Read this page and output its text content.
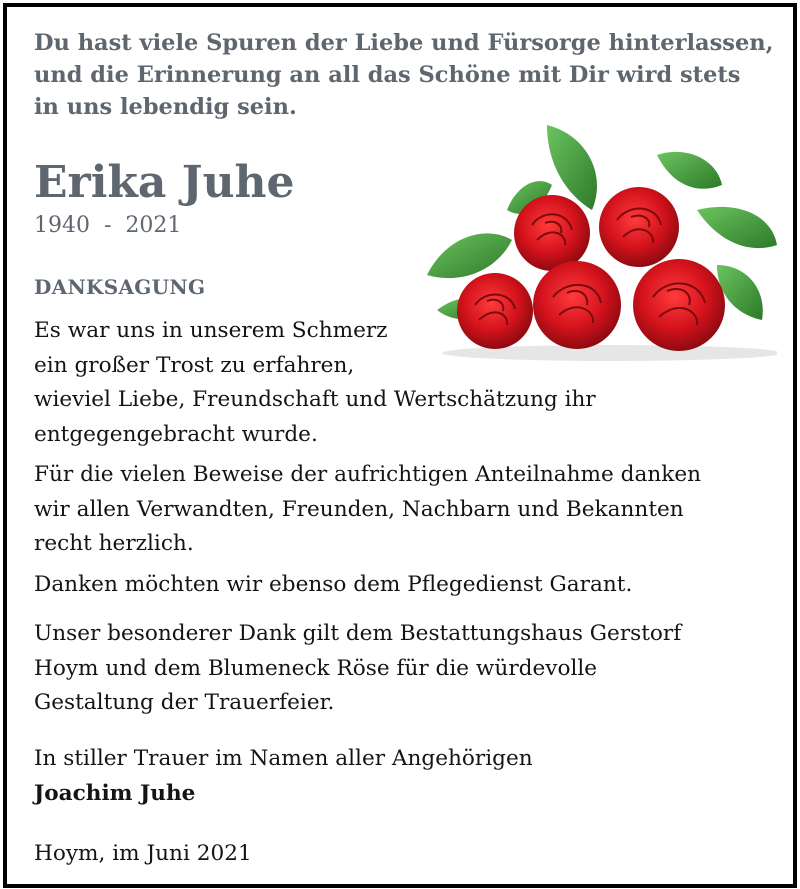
Du hast viele Spuren der Liebe und Fürsorge hinterlassen,
und die Erinnerung an all das Schöne mit Dir wird stets
in uns lebendig sein.
Erika Juhe
1940  -  2021
DANKSAGUNG
Es war uns in unserem Schmerz
ein großer Trost zu erfahren,
wieviel Liebe, Freundschaft und Wertschätzung ihr
entgegengebracht wurde.
Für die vielen Beweise der aufrichtigen Anteilnahme danken
wir allen Verwandten, Freunden, Nachbarn und Bekannten
recht herzlich.
Danken möchten wir ebenso dem Pflegedienst Garant.
Unser besonderer Dank gilt dem Bestattungshaus Gerstorf
Hoym und dem Blumeneck Röse für die würdevolle
Gestaltung der Trauerfeier.
In stiller Trauer im Namen aller Angehörigen
Joachim Juhe
Hoym, im Juni 2021
